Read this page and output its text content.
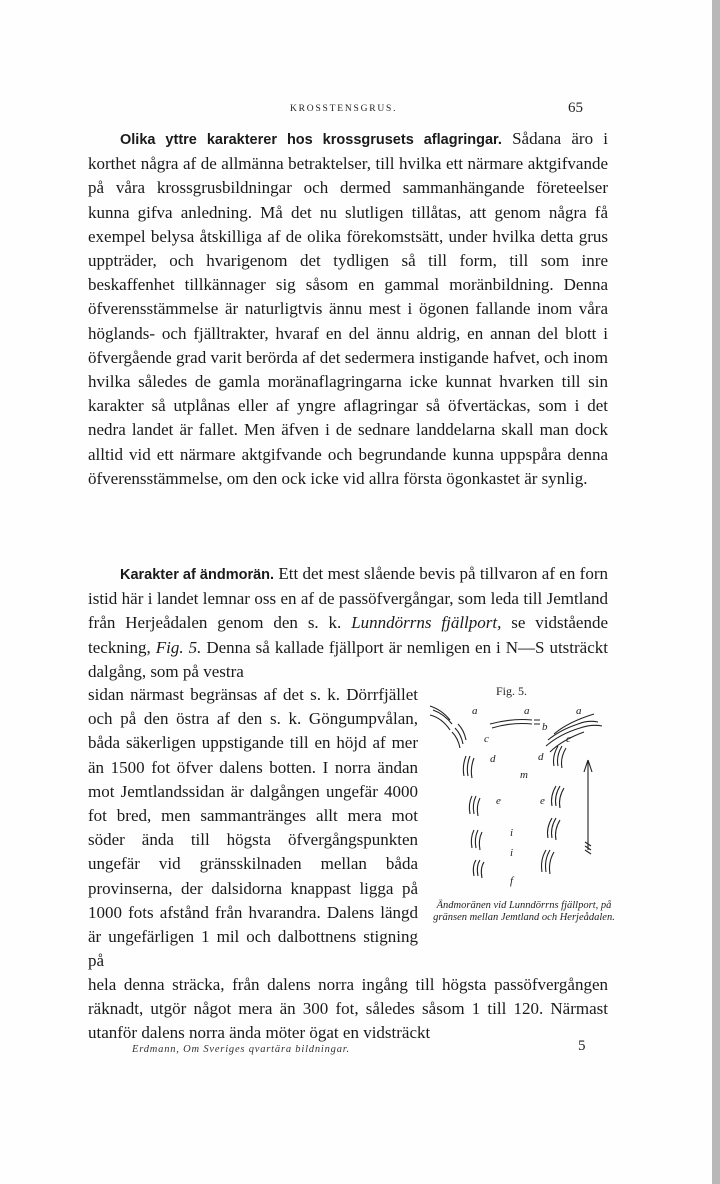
KROSSTENSGRUS.	65
Olika yttre karakterer hos krossgrusets aflagringar. Sådana äro i korthet några af de allmänna betraktelser, till hvilka ett närmare aktgifvande på våra krossgrusbildningar och dermed sammanhängande företeelser kunna gifva anledning. Må det nu slutligen tillåtas, att genom några få exempel belysa åtskilliga af de olika förekomstsätt, under hvilka detta grus uppträder, och hvarigenom det tydligen så till form, till som inre beskaffenhet tillkännager sig såsom en gammal moränbildning. Denna öfverensstämmelse är naturligtvis ännu mest i ögonen fallande inom våra höglands- och fjälltrakter, hvaraf en del ännu aldrig, en annan del blott i öfvergående grad varit berörda af det sedermera instigande hafvet, och inom hvilka således de gamla moränaflagringarna icke kunnat hvarken till sin karakter så utplånas eller af yngre aflagringar så öfvertäckas, som i det nedra landet är fallet. Men äfven i de sednare landdelarna skall man dock alltid vid ett närmare aktgifvande och begrundande kunna uppspåra denna öfverensstämmelse, om den ock icke vid allra första ögonkastet är synlig.
Karakter af ändmorän. Ett det mest slående bevis på tillvaron af en forn istid här i landet lemnar oss en af de passöfvergångar, som leda till Jemtland från Herjeådalen genom den s. k. Lunndörrns fjällport, se vidstående teckning, Fig. 5. Denna så kallade fjällport är nemligen en i N—S utsträckt dalgång, som på vestra
sidan närmast begränsas af det s. k. Dörrfjället och på den östra af den s. k. Göngumpvålan, båda säkerligen uppstigande till en höjd af mer än 1500 fot öfver dalens botten. I norra ändan mot Jemtlandssidan är dalgången ungefär 4000 fot bred, men sammantränges allt mera mot söder ända till högsta öfvergångspunkten ungefär vid gränsskilnaden mellan båda provinserna, der dalsidorna knappast ligga på 1000 fots afstånd från hvarandra. Dalens längd är ungefärligen 1 mil och dalbottnens stigning på
Fig. 5.
a	a	a
b
c	c
d	d
m
e	e
i
i
f
Ändmoränen vid Lunndörrns fjällport, på gränsen mellan Jemtland och Herjeådalen.
hela denna sträcka, från dalens norra ingång till högsta passöfvergången räknadt, utgör något mera än 300 fot, således såsom 1 till 120. Närmast utanför dalens norra ända möter ögat en vidsträckt
Erdmann, Om Sveriges qvartära bildningar.	5
